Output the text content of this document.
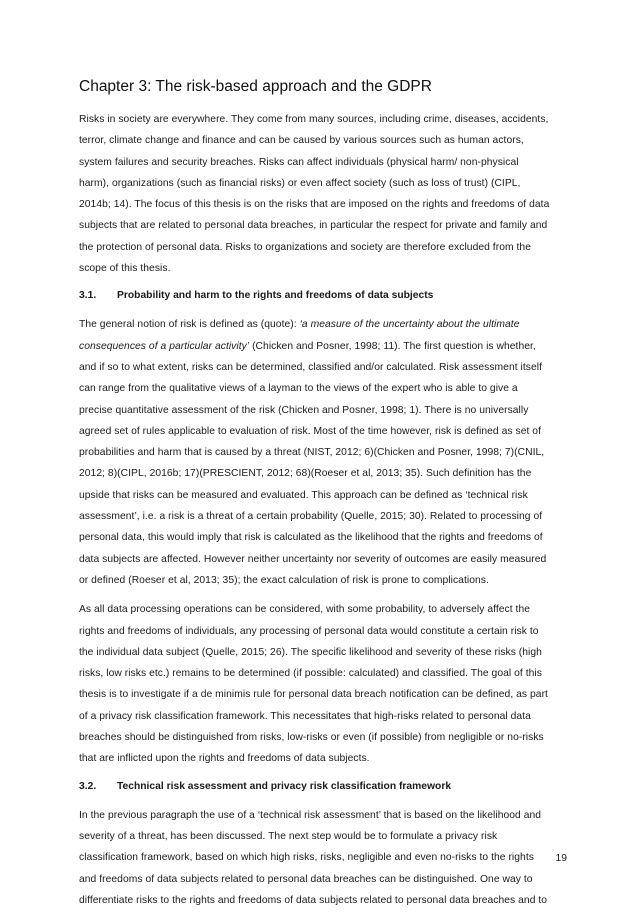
Chapter 3: The risk-based approach and the GDPR

Risks in society are everywhere. They come from many sources, including crime, diseases, accidents,
terror, climate change and finance and can be caused by various sources such as human actors,
system failures and security breaches. Risks can affect individuals (physical harm/ non-physical
harm), organizations (such as financial risks) or even affect society (such as loss of trust) (CIPL,
2014b; 14). The focus of this thesis is on the risks that are imposed on the rights and freedoms of data
subjects that are related to personal data breaches, in particular the respect for private and family and
the protection of personal data. Risks to organizations and society are therefore excluded from the
scope of this thesis.

3.1.	Probability and harm to the rights and freedoms of data subjects

The general notion of risk is defined as (quote): ‘a measure of the uncertainty about the ultimate
consequences of a particular activity’ (Chicken and Posner, 1998; 11). The first question is whether,
and if so to what extent, risks can be determined, classified and/or calculated. Risk assessment itself
can range from the qualitative views of a layman to the views of the expert who is able to give a
precise quantitative assessment of the risk (Chicken and Posner, 1998; 1). There is no universally
agreed set of rules applicable to evaluation of risk. Most of the time however, risk is defined as set of
probabilities and harm that is caused by a threat (NIST, 2012; 6)(Chicken and Posner, 1998; 7)(CNIL,
2012; 8)(CIPL, 2016b; 17)(PRESCIENT, 2012; 68)(Roeser et al, 2013; 35). Such definition has the
upside that risks can be measured and evaluated. This approach can be defined as ‘technical risk
assessment’, i.e. a risk is a threat of a certain probability (Quelle, 2015; 30). Related to processing of
personal data, this would imply that risk is calculated as the likelihood that the rights and freedoms of
data subjects are affected. However neither uncertainty nor severity of outcomes are easily measured
or defined (Roeser et al, 2013; 35); the exact calculation of risk is prone to complications.

As all data processing operations can be considered, with some probability, to adversely affect the
rights and freedoms of individuals, any processing of personal data would constitute a certain risk to
the individual data subject (Quelle, 2015; 26). The specific likelihood and severity of these risks (high
risks, low risks etc.) remains to be determined (if possible: calculated) and classified. The goal of this
thesis is to investigate if a de minimis rule for personal data breach notification can be defined, as part
of a privacy risk classification framework. This necessitates that high-risks related to personal data
breaches should be distinguished from risks, low-risks or even (if possible) from negligible or no-risks
that are inflicted upon the rights and freedoms of data subjects.

3.2.	Technical risk assessment and privacy risk classification framework

In the previous paragraph the use of a ‘technical risk assessment’ that is based on the likelihood and
severity of a threat, has been discussed. The next step would be to formulate a privacy risk
classification framework, based on which high risks, risks, negligible and even no-risks to the rights
and freedoms of data subjects related to personal data breaches can be distinguished. One way to
differentiate risks to the rights and freedoms of data subjects related to personal data breaches and to

19
